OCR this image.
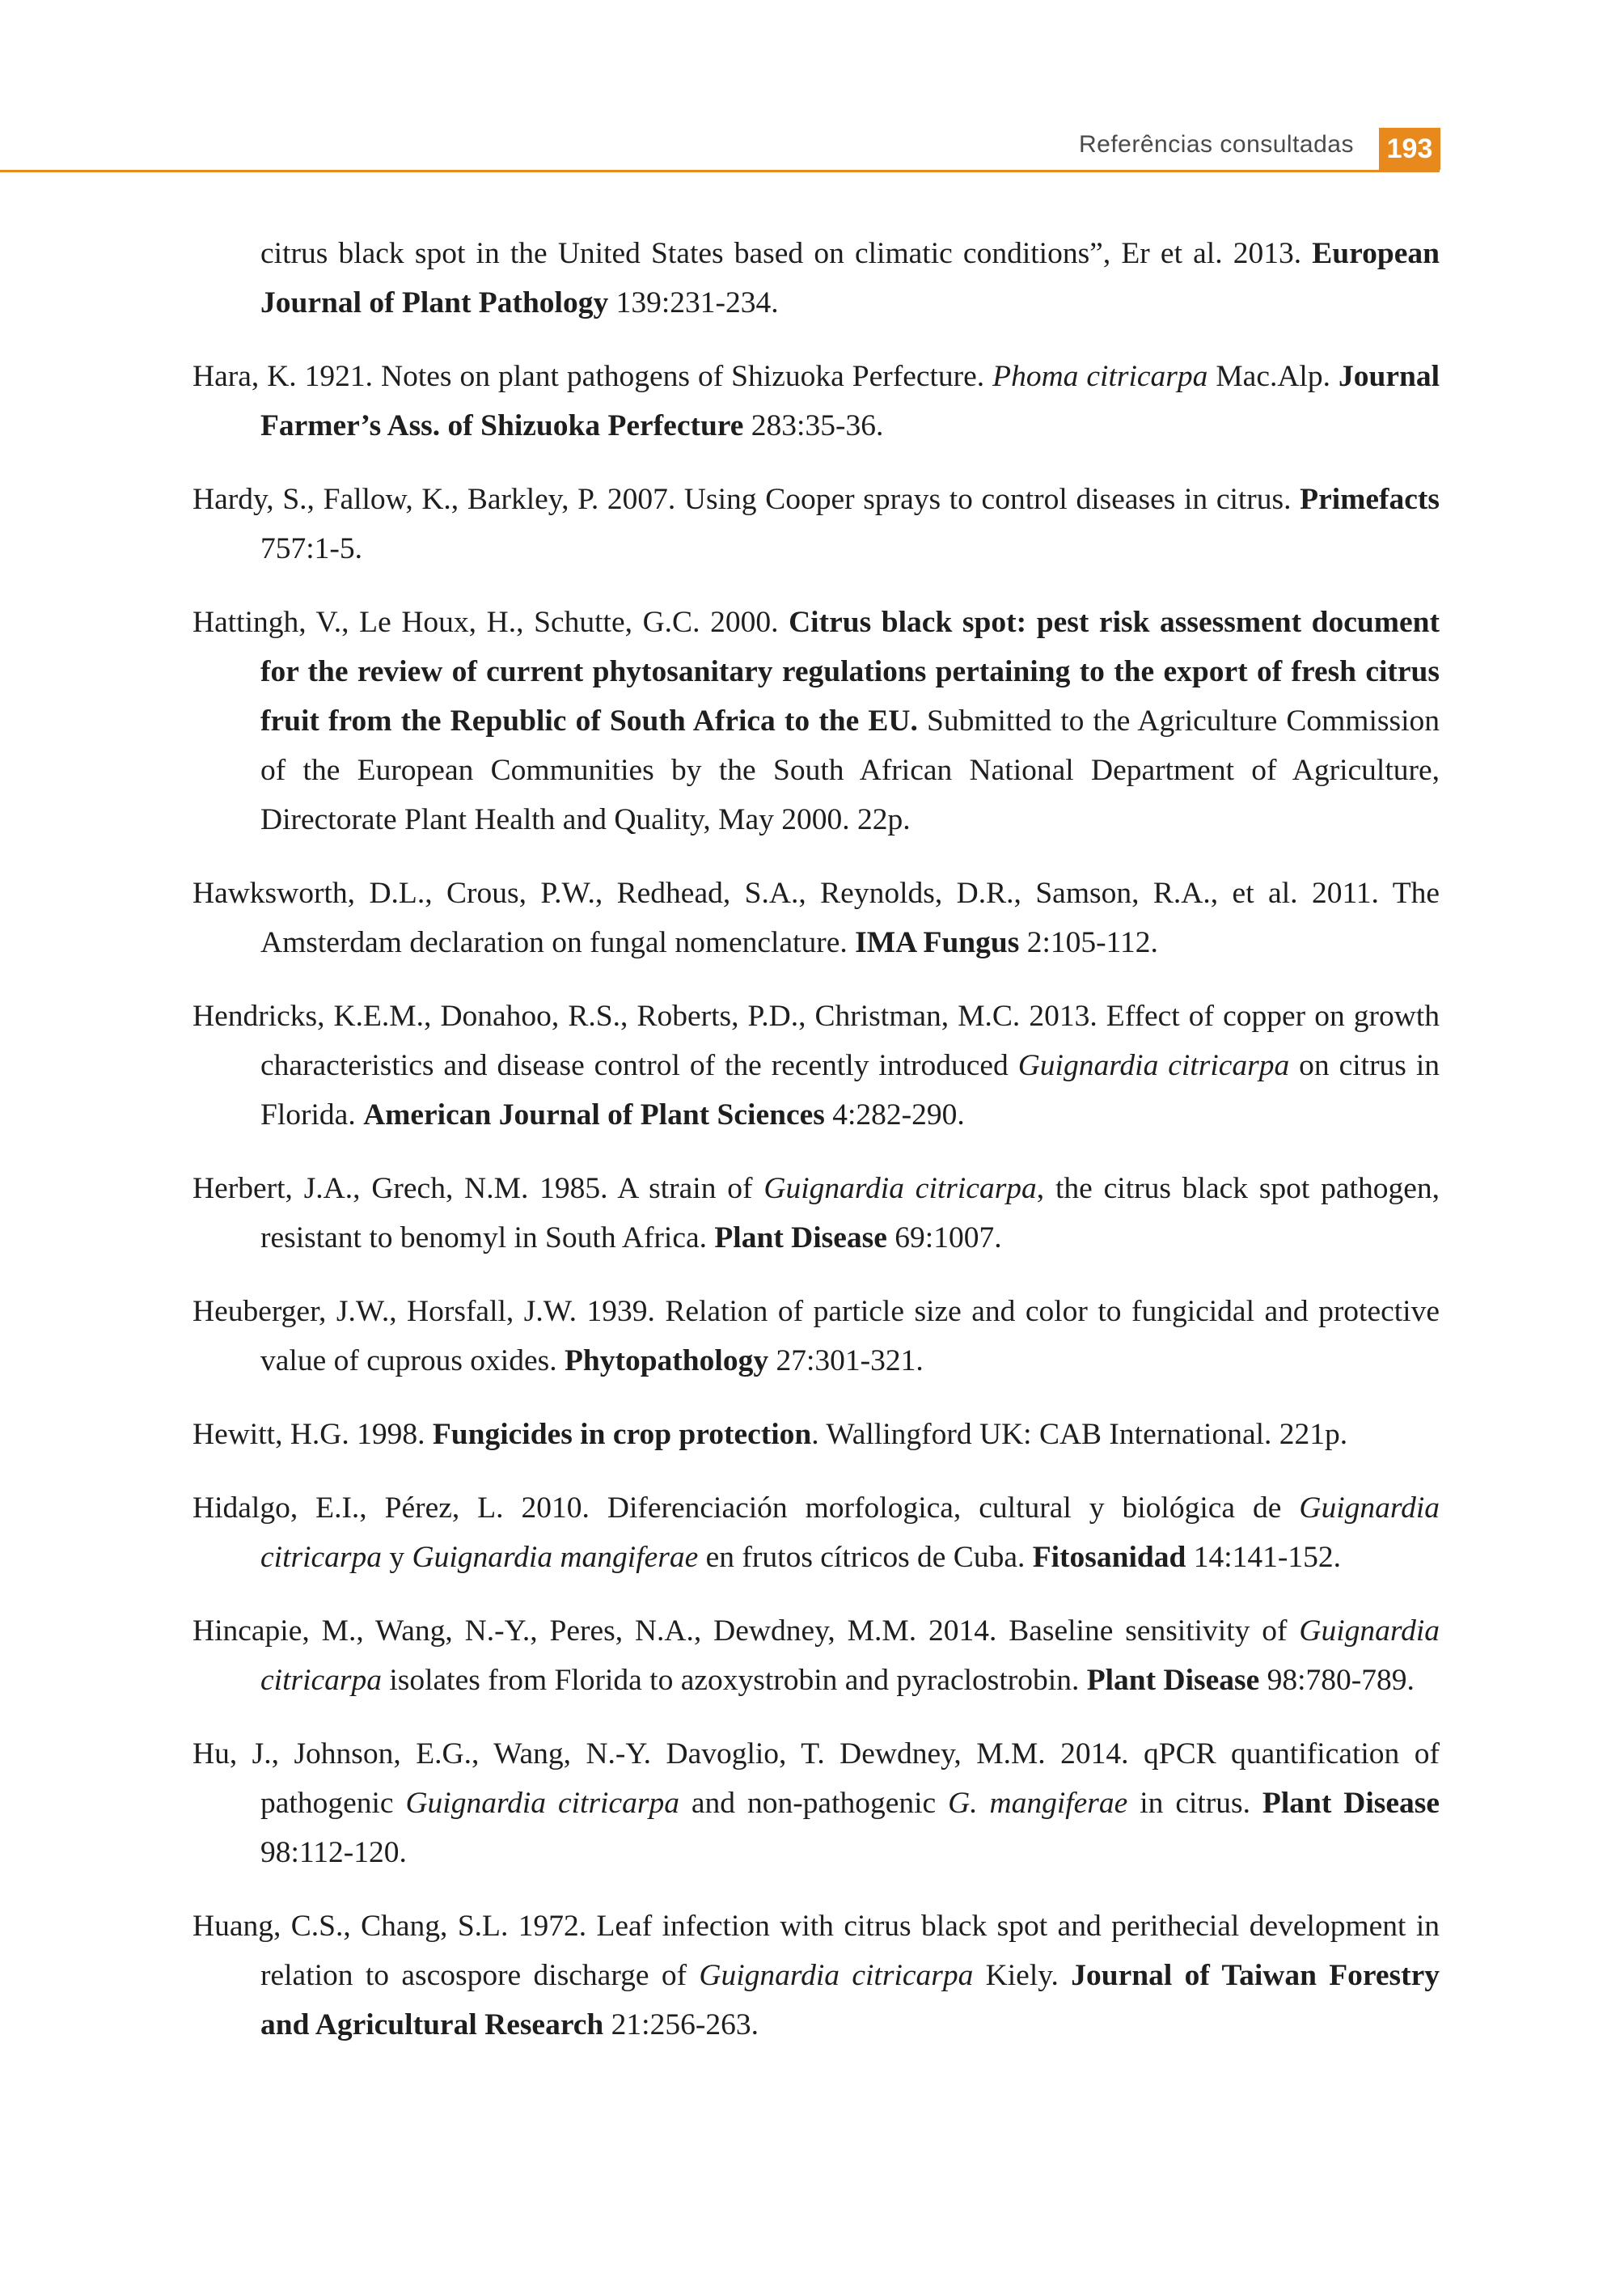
Referências consultadas 193

citrus black spot in the United States based on climatic conditions”, Er et al. 2013. European Journal of Plant Pathology 139:231-234.

Hara, K. 1921. Notes on plant pathogens of Shizuoka Perfecture. Phoma citricarpa Mac.Alp. Journal Farmer’s Ass. of Shizuoka Perfecture 283:35-36.

Hardy, S., Fallow, K., Barkley, P. 2007. Using Cooper sprays to control diseases in citrus. Primefacts 757:1-5.

Hattingh, V., Le Houx, H., Schutte, G.C. 2000. Citrus black spot: pest risk assessment document for the review of current phytosanitary regulations pertaining to the export of fresh citrus fruit from the Republic of South Africa to the EU. Submitted to the Agriculture Commission of the European Communities by the South African National Department of Agriculture, Directorate Plant Health and Quality, May 2000. 22p.

Hawksworth, D.L., Crous, P.W., Redhead, S.A., Reynolds, D.R., Samson, R.A., et al. 2011. The Amsterdam declaration on fungal nomenclature. IMA Fungus 2:105-112.

Hendricks, K.E.M., Donahoo, R.S., Roberts, P.D., Christman, M.C. 2013. Effect of copper on growth characteristics and disease control of the recently introduced Guignardia citricarpa on citrus in Florida. American Journal of Plant Sciences 4:282-290.

Herbert, J.A., Grech, N.M. 1985. A strain of Guignardia citricarpa, the citrus black spot pathogen, resistant to benomyl in South Africa. Plant Disease 69:1007.

Heuberger, J.W., Horsfall, J.W. 1939. Relation of particle size and color to fungicidal and protective value of cuprous oxides. Phytopathology 27:301-321.

Hewitt, H.G. 1998. Fungicides in crop protection. Wallingford UK: CAB International. 221p.

Hidalgo, E.I., Pérez, L. 2010. Diferenciación morfologica, cultural y biológica de Guignardia citricarpa y Guignardia mangiferae en frutos cítricos de Cuba. Fitosanidad 14:141-152.

Hincapie, M., Wang, N.-Y., Peres, N.A., Dewdney, M.M. 2014. Baseline sensitivity of Guignardia citricarpa isolates from Florida to azoxystrobin and pyraclostrobin. Plant Disease 98:780-789.

Hu, J., Johnson, E.G., Wang, N.-Y. Davoglio, T. Dewdney, M.M. 2014. qPCR quantification of pathogenic Guignardia citricarpa and non-pathogenic G. mangiferae in citrus. Plant Disease 98:112-120.

Huang, C.S., Chang, S.L. 1972. Leaf infection with citrus black spot and perithecial development in relation to ascospore discharge of Guignardia citricarpa Kiely. Journal of Taiwan Forestry and Agricultural Research 21:256-263.
